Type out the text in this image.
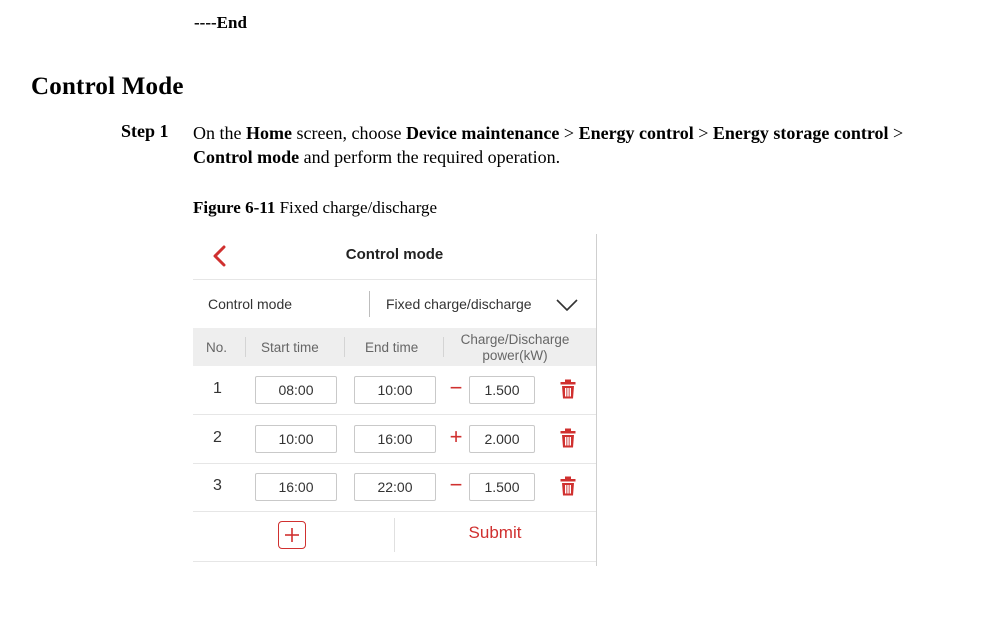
----End
Control Mode
Step 1 On the Home screen, choose Device maintenance > Energy control > Energy storage control > Control mode and perform the required operation.
Figure 6-11 Fixed charge/discharge
Control mode
Control mode	Fixed charge/discharge
No.	Start time	End time
Charge/Discharge
power(kW)
1	08:00	10:00	−	1.500
2	10:00	16:00	+	2.000
3	16:00	22:00	−	1.500
Submit
